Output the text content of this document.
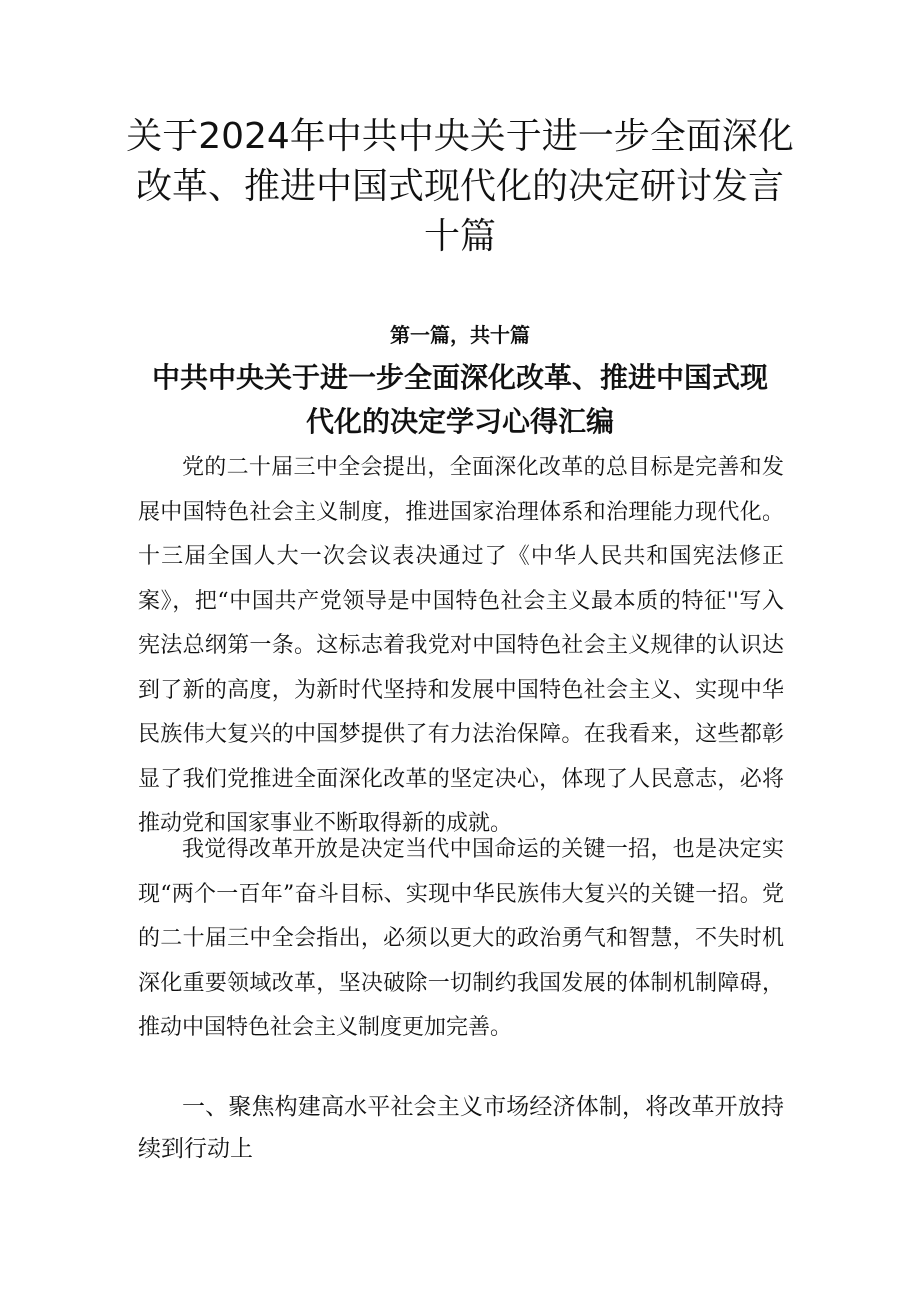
关于2024年中共中央关于进一步全面深化改革、推进中国式现代化的决定研讨发言十篇
第一篇，共十篇
中共中央关于进一步全面深化改革、推进中国式现代化的决定学习心得汇编

党的二十届三中全会提出，全面深化改革的总目标是完善和发展中国特色社会主义制度，推进国家治理体系和治理能力现代化。十三届全国人大一次会议表决通过了《中华人民共和国宪法修正案》，把“中国共产党领导是中国特色社会主义最本质的特征''写入宪法总纲第一条。这标志着我党对中国特色社会主义规律的认识达到了新的高度，为新时代坚持和发展中国特色社会主义、实现中华民族伟大复兴的中国梦提供了有力法治保障。在我看来，这些都彰显了我们党推进全面深化改革的坚定决心，体现了人民意志，必将推动党和国家事业不断取得新的成就。

我觉得改革开放是决定当代中国命运的关键一招，也是决定实现“两个一百年”奋斗目标、实现中华民族伟大复兴的关键一招。党的二十届三中全会指出，必须以更大的政治勇气和智慧，不失时机深化重要领域改革，坚决破除一切制约我国发展的体制机制障碍，推动中国特色社会主义制度更加完善。

一、聚焦构建高水平社会主义市场经济体制，将改革开放持续到行动上
